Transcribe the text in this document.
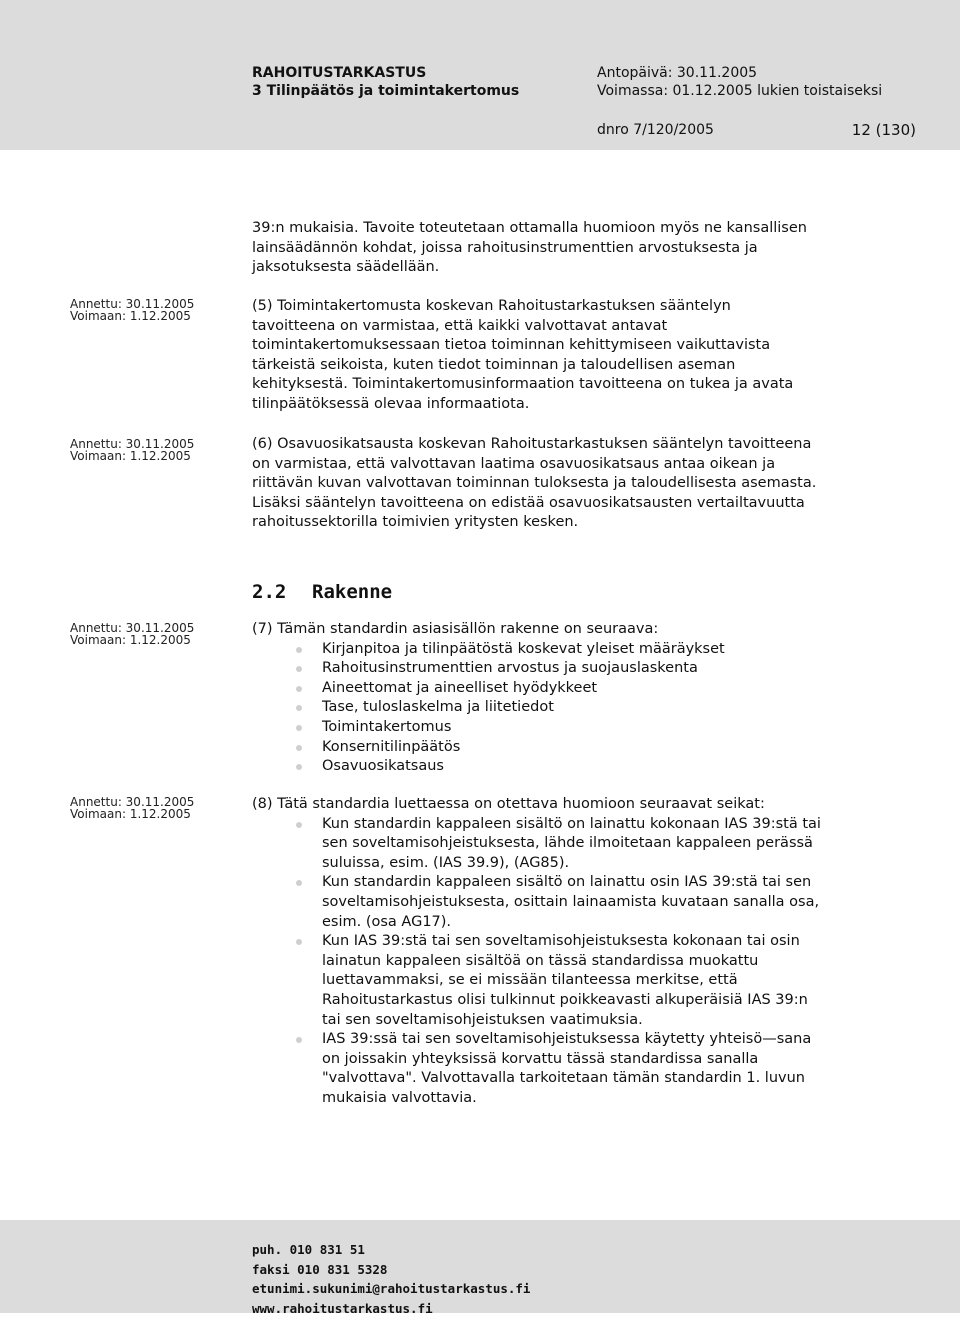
RAHOITUSTARKASTUS
3 Tilinpäätös ja toimintakertomus
Antopäivä: 30.11.2005
Voimassa: 01.12.2005 lukien toistaiseksi
dnro 7/120/2005	12 (130)
39:n mukaisia. Tavoite toteutetaan ottamalla huomioon myös ne kansallisen
lainsäädännön kohdat, joissa rahoitusinstrumenttien arvostuksesta ja
jaksotuksesta säädellään.
Annettu: 30.11.2005
Voimaan: 1.12.2005
Annettu: 30.11.2005
Voimaan: 1.12.2005
Annettu: 30.11.2005
Voimaan: 1.12.2005
Annettu: 30.11.2005
Voimaan: 1.12.2005
(5) Toimintakertomusta koskevan Rahoitustarkastuksen sääntelyn
tavoitteena on varmistaa, että kaikki valvottavat antavat
toimintakertomuksessaan tietoa toiminnan kehittymiseen vaikuttavista
tärkeistä seikoista, kuten tiedot toiminnan ja taloudellisen aseman
kehityksestä. Toimintakertomusinformaation tavoitteena on tukea ja avata
tilinpäätöksessä olevaa informaatiota.
(6) Osavuosikatsausta koskevan Rahoitustarkastuksen sääntelyn tavoitteena
on varmistaa, että valvottavan laatima osavuosikatsaus antaa oikean ja
riittävän kuvan valvottavan toiminnan tuloksesta ja taloudellisesta asemasta.
Lisäksi sääntelyn tavoitteena on edistää osavuosikatsausten vertailtavuutta
rahoitussektorilla toimivien yritysten kesken.
2.2 Rakenne
(7) Tämän standardin asiasisällön rakenne on seuraava:
Kirjanpitoa ja tilinpäätöstä koskevat yleiset määräykset
Rahoitusinstrumenttien arvostus ja suojauslaskenta
Aineettomat ja aineelliset hyödykkeet
Tase, tuloslaskelma ja liitetiedot
Toimintakertomus
Konsernitilinpäätös
Osavuosikatsaus
(8) Tätä standardia luettaessa on otettava huomioon seuraavat seikat:
Kun standardin kappaleen sisältö on lainattu kokonaan IAS 39:stä tai
sen soveltamisohjeistuksesta, lähde ilmoitetaan kappaleen perässä
suluissa, esim. (IAS 39.9), (AG85).
Kun standardin kappaleen sisältö on lainattu osin IAS 39:stä tai sen
soveltamisohjeistuksesta, osittain lainaamista kuvataan sanalla osa,
esim. (osa AG17).
Kun IAS 39:stä tai sen soveltamisohjeistuksesta kokonaan tai osin
lainatun kappaleen sisältöä on tässä standardissa muokattu
luettavammaksi, se ei missään tilanteessa merkitse, että
Rahoitustarkastus olisi tulkinnut poikkeavasti alkuperäisiä IAS 39:n
tai sen soveltamisohjeistuksen vaatimuksia.
IAS 39:ssä tai sen soveltamisohjeistuksessa käytetty yhteisö—sana
on joissakin yhteyksissä korvattu tässä standardissa sanalla
"valvottava". Valvottavalla tarkoitetaan tämän standardin 1. luvun
mukaisia valvottavia.
puh. 010 831 51
faksi 010 831 5328
etunimi.sukunimi@rahoitustarkastus.fi
www.rahoitustarkastus.fi
